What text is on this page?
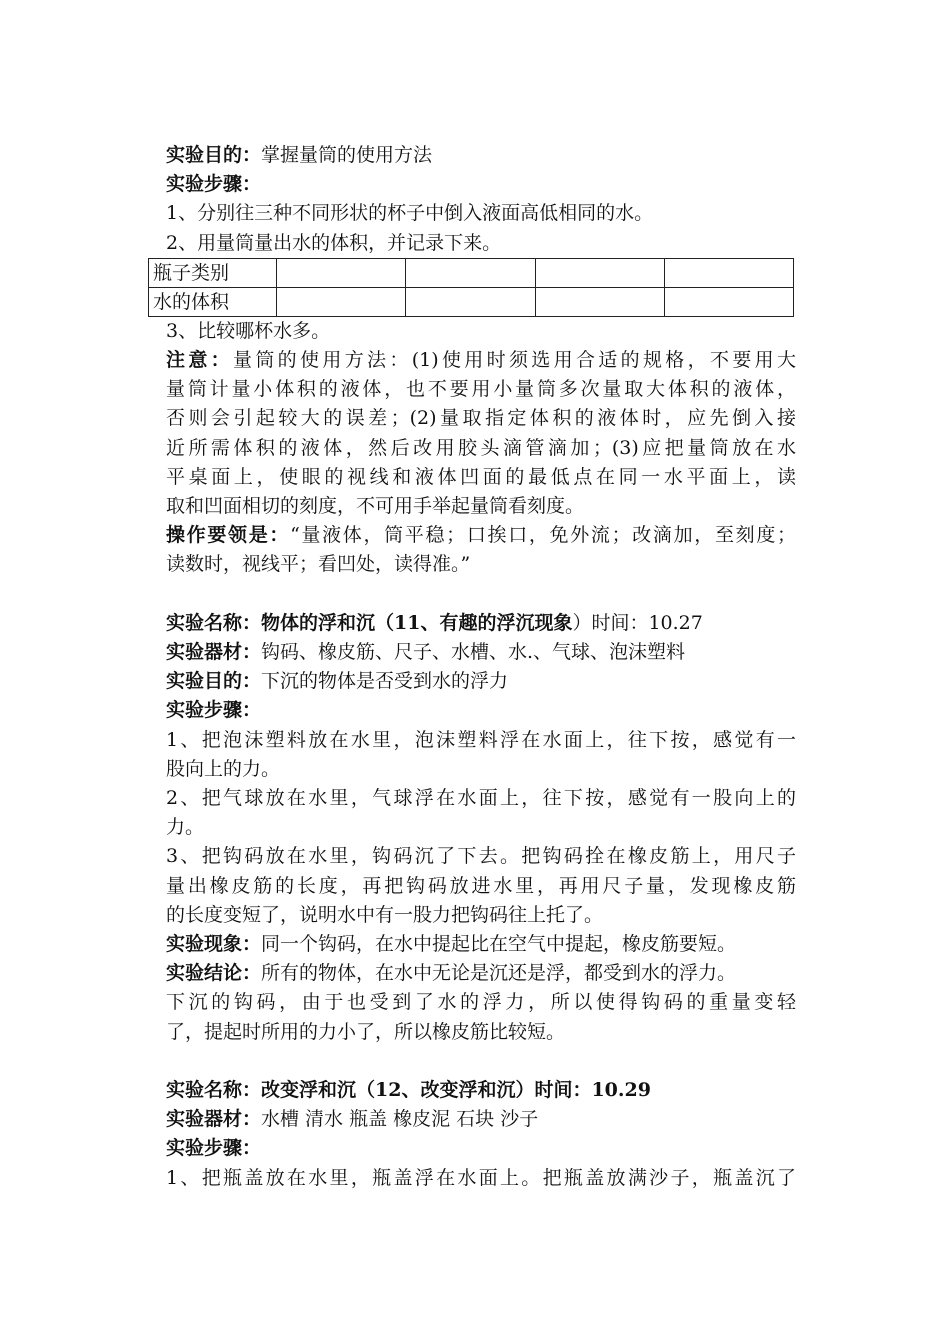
实验目的：掌握量筒的使用方法
实验步骤：
1、分别往三种不同形状的杯子中倒入液面高低相同的水。
2、用量筒量出水的体积，并记录下来。
瓶子类别				
水的体积				
3、比较哪杯水多。
注意：量筒的使用方法：(1)使用时须选用合适的规格，不要用大
量筒计量小体积的液体，也不要用小量筒多次量取大体积的液体，
否则会引起较大的误差；(2)量取指定体积的液体时，应先倒入接
近所需体积的液体，然后改用胶头滴管滴加；(3)应把量筒放在水
平桌面上，使眼的视线和液体凹面的最低点在同一水平面上，读
取和凹面相切的刻度，不可用手举起量筒看刻度。
操作要领是：“量液体，筒平稳；口挨口，免外流；改滴加，至刻度；
读数时，视线平；看凹处，读得准。”
实验名称：物体的浮和沉（11、有趣的浮沉现象）时间：10.27
实验器材：钩码、橡皮筋、尺子、水槽、水.、气球、泡沫塑料
实验目的：下沉的物体是否受到水的浮力
实验步骤：
1、把泡沫塑料放在水里，泡沫塑料浮在水面上，往下按，感觉有一
股向上的力。
2、把气球放在水里，气球浮在水面上，往下按，感觉有一股向上的
力。
3、把钩码放在水里，钩码沉了下去。把钩码拴在橡皮筋上，用尺子
量出橡皮筋的长度，再把钩码放进水里，再用尺子量，发现橡皮筋
的长度变短了，说明水中有一股力把钩码往上托了。
实验现象：同一个钩码，在水中提起比在空气中提起，橡皮筋要短。
实验结论：所有的物体，在水中无论是沉还是浮，都受到水的浮力。
下沉的钩码，由于也受到了水的浮力，所以使得钩码的重量变轻
了，提起时所用的力小了，所以橡皮筋比较短。
实验名称：改变浮和沉（12、改变浮和沉）时间：10.29
实验器材：水槽 清水 瓶盖 橡皮泥 石块 沙子
实验步骤：
1、把瓶盖放在水里，瓶盖浮在水面上。把瓶盖放满沙子，瓶盖沉了
